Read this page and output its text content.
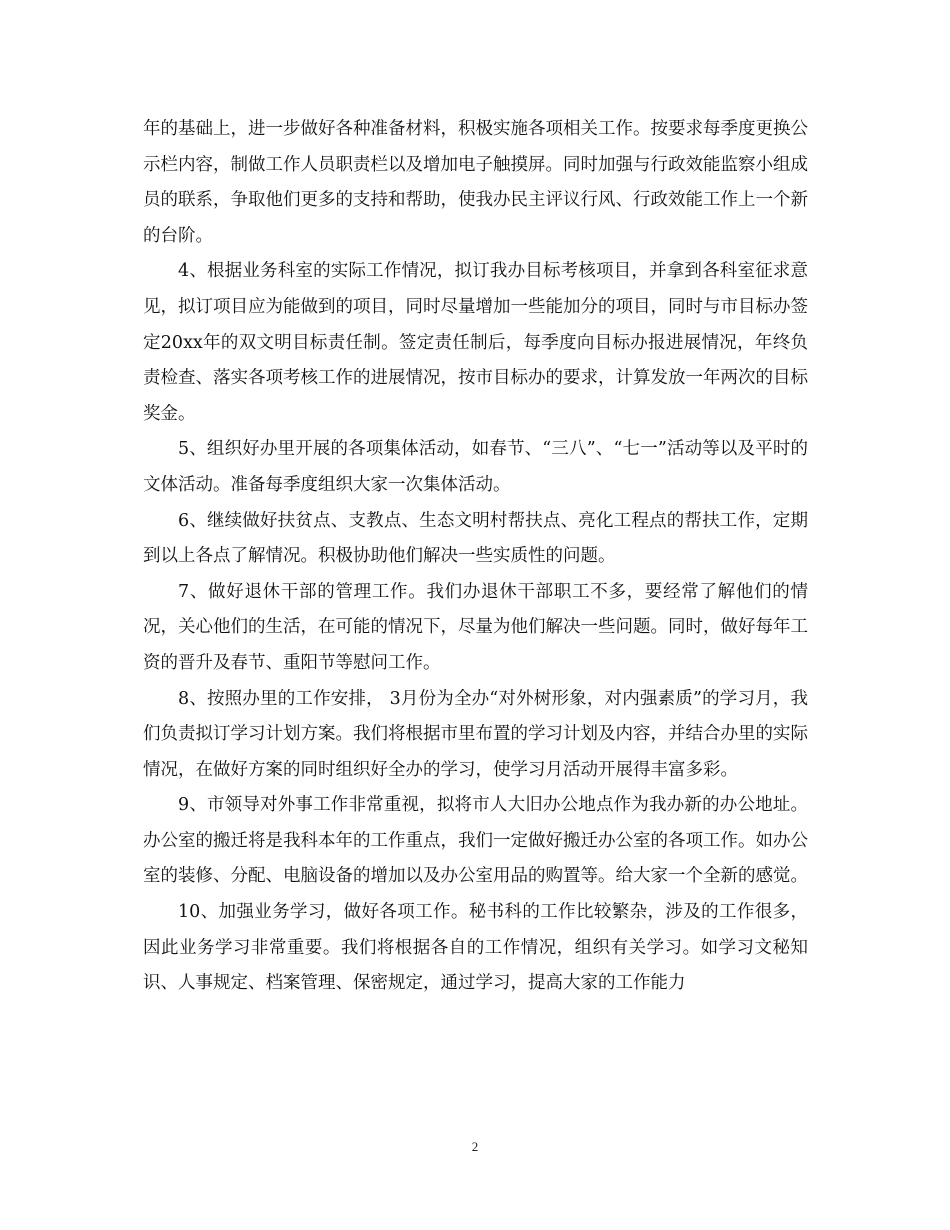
年的基础上，进一步做好各种准备材料，积极实施各项相关工作。按要求每季度更换公示栏内容，制做工作人员职责栏以及增加电子触摸屏。同时加强与行政效能监察小组成员的联系，争取他们更多的支持和帮助，使我办民主评议行风、行政效能工作上一个新的台阶。

4、根据业务科室的实际工作情况，拟订我办目标考核项目，并拿到各科室征求意见，拟订项目应为能做到的项目，同时尽量增加一些能加分的项目，同时与市目标办签定20xx年的双文明目标责任制。签定责任制后，每季度向目标办报进展情况，年终负责检查、落实各项考核工作的进展情况，按市目标办的要求，计算发放一年两次的目标奖金。

5、组织好办里开展的各项集体活动，如春节、“三八”、“七一”活动等以及平时的文体活动。准备每季度组织大家一次集体活动。

6、继续做好扶贫点、支教点、生态文明村帮扶点、亮化工程点的帮扶工作，定期到以上各点了解情况。积极协助他们解决一些实质性的问题。

7、做好退休干部的管理工作。我们办退休干部职工不多，要经常了解他们的情况，关心他们的生活，在可能的情况下，尽量为他们解决一些问题。同时，做好每年工资的晋升及春节、重阳节等慰问工作。

8、按照办里的工作安排， 3月份为全办“对外树形象，对内强素质”的学习月，我们负责拟订学习计划方案。我们将根据市里布置的学习计划及内容，并结合办里的实际情况，在做好方案的同时组织好全办的学习，使学习月活动开展得丰富多彩。

9、市领导对外事工作非常重视，拟将市人大旧办公地点作为我办新的办公地址。办公室的搬迁将是我科本年的工作重点，我们一定做好搬迁办公室的各项工作。如办公室的装修、分配、电脑设备的增加以及办公室用品的购置等。给大家一个全新的感觉。

10、加强业务学习，做好各项工作。秘书科的工作比较繁杂，涉及的工作很多，因此业务学习非常重要。我们将根据各自的工作情况，组织有关学习。如学习文秘知识、人事规定、档案管理、保密规定，通过学习，提高大家的工作能力

2
